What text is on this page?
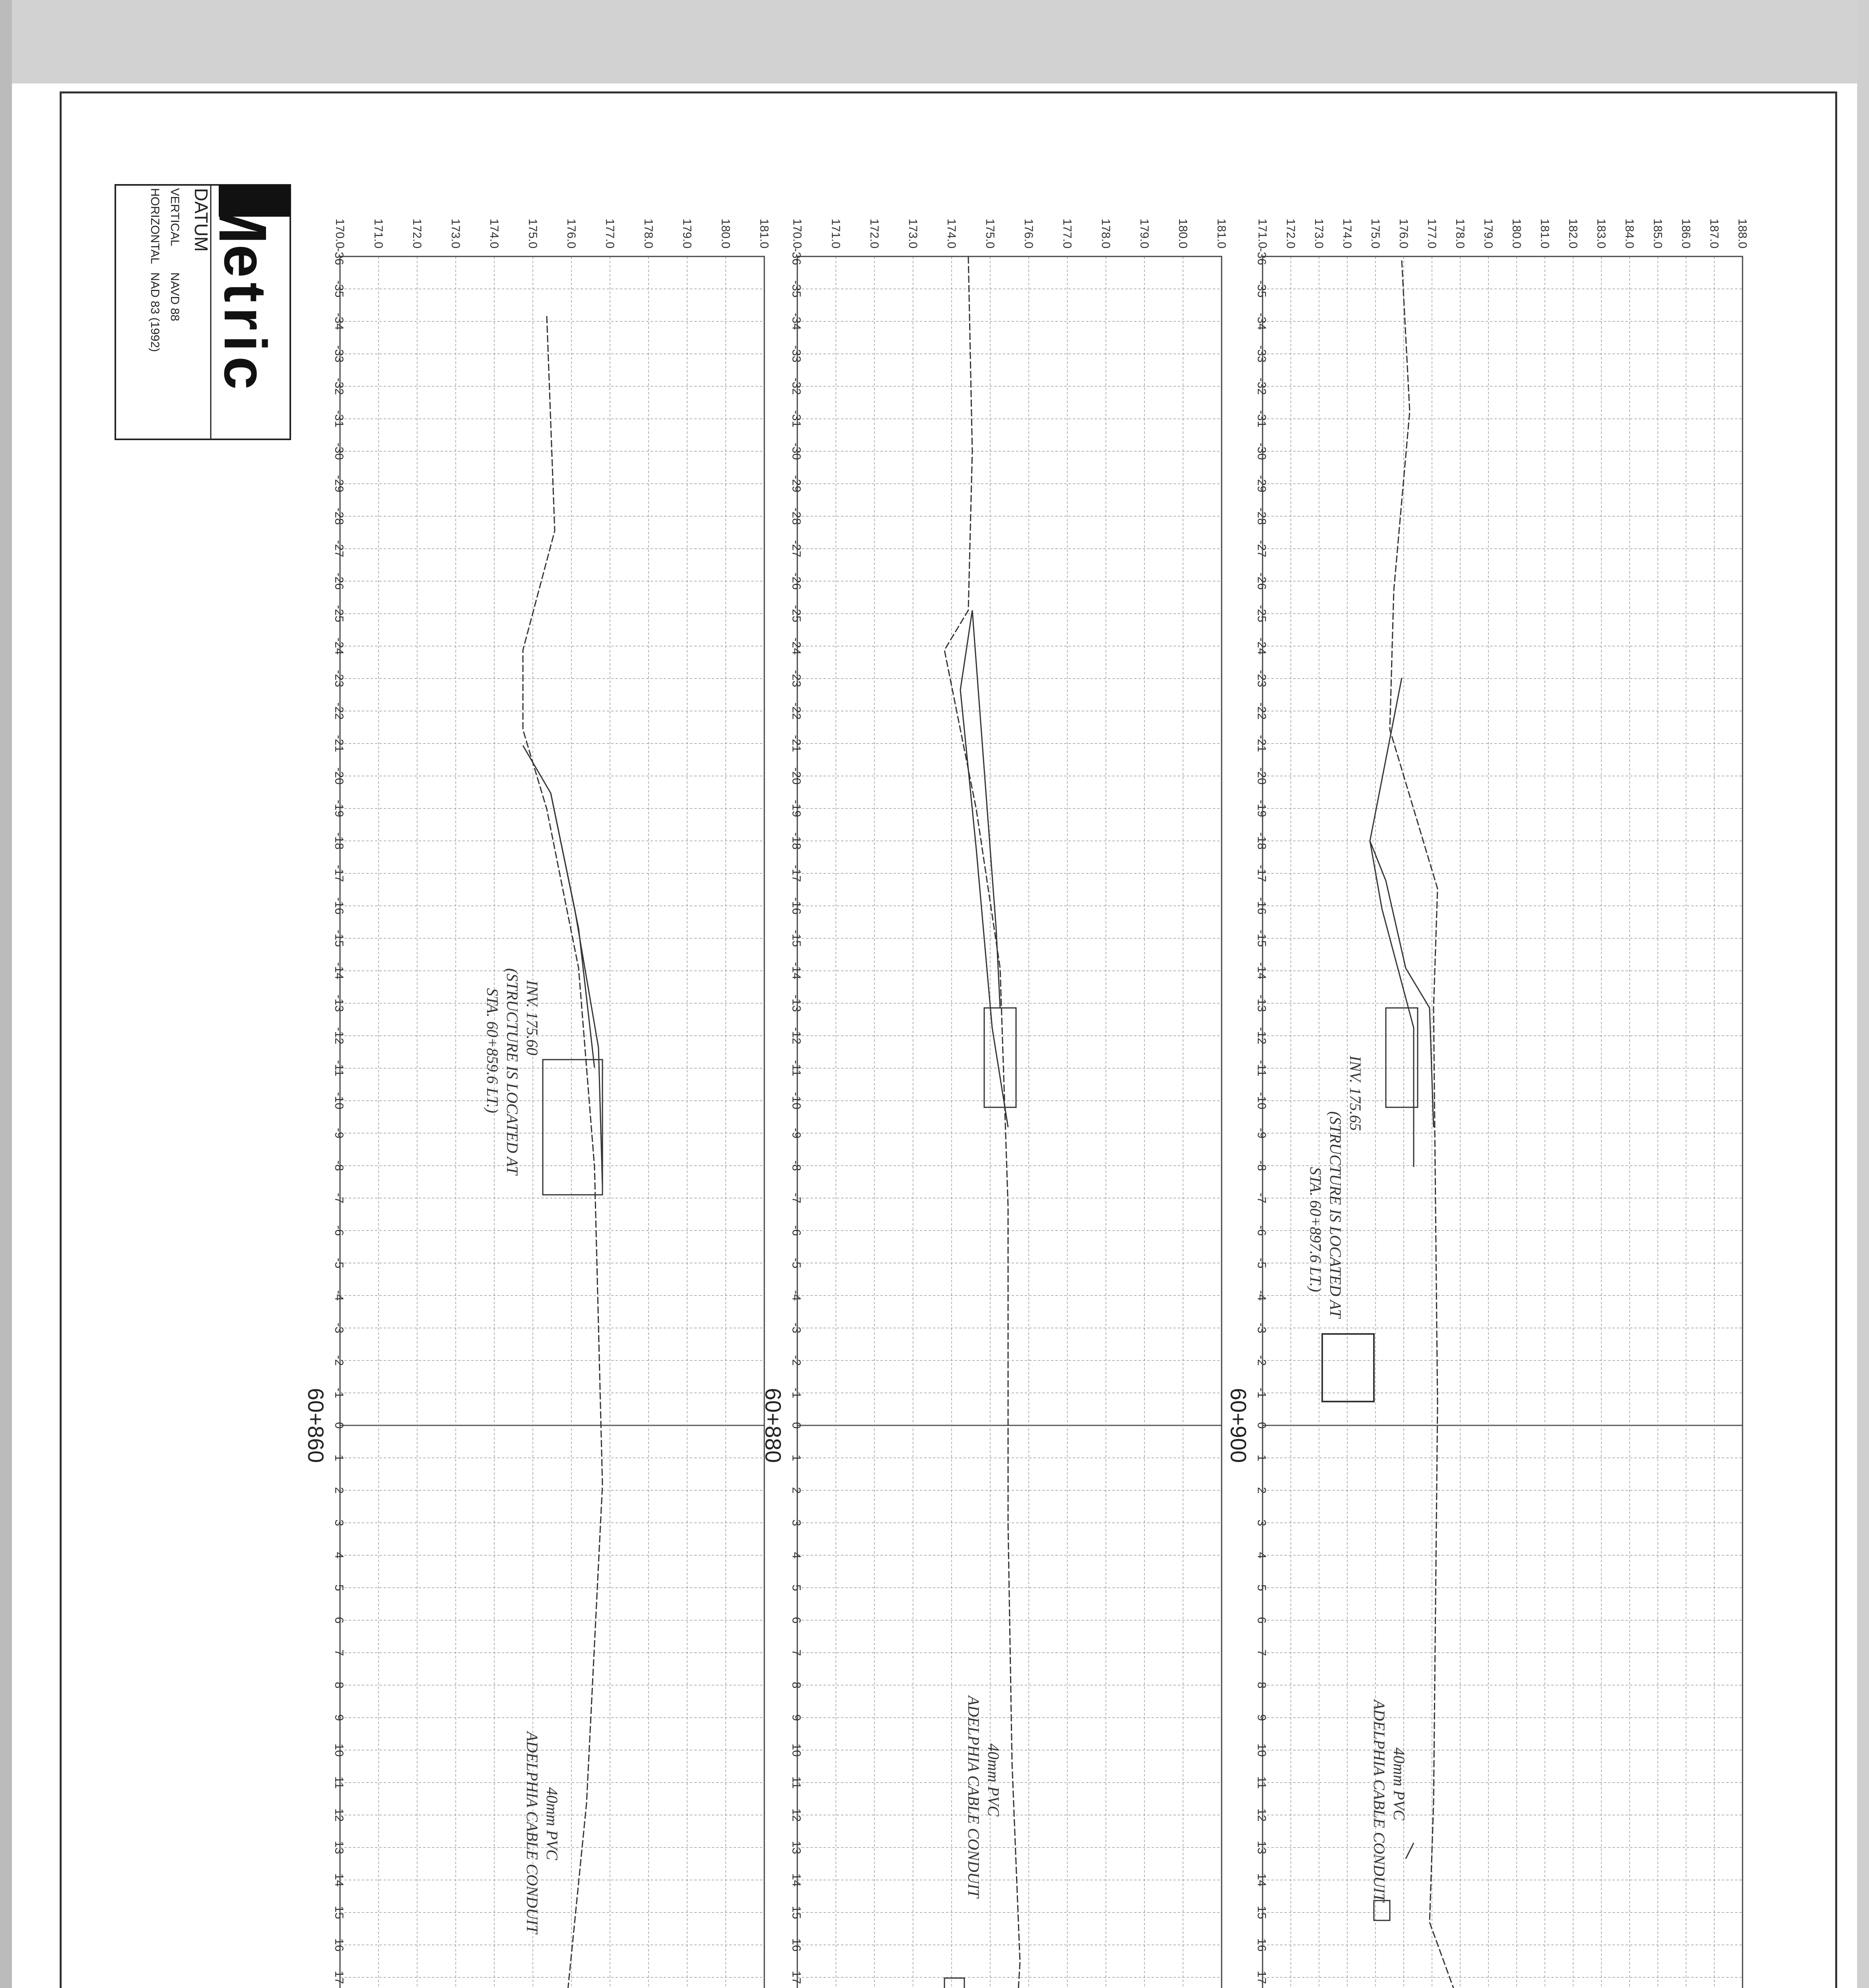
171.0 172.0 173.0 174.0 175.0 176.0 177.0 178.0 179.0 180.0 181.0 182.0 183.0 184.0 185.0 186.0 187.0 188.0
-36
-35
-34
-33
-32
-31
-30
-29
-28
-27
-26
-25
-24
-23
-22
-21
-20
-19
-18
-17
-16
-15
-14
-13
-12
-11
-10
-9
-8
-7
-6
-5
-4
-3
-2
-1
0
1
2
3
4
5
6
7
8
9
10
11
12
13
14
15
16
17
60+900
170.0 171.0 172.0 173.0 174.0 175.0 176.0 177.0 178.0 179.0 180.0 181.0
-36
-35
-34
-33
-32
-31
-30
-29
-28
-27
-26
-25
-24
-23
-22
-21
-20
-19
-18
-17
-16
-15
-14
-13
-12
-11
-10
-9
-8
-7
-6
-5
-4
-3
-2
-1
0
1
2
3
4
5
6
7
8
9
10
11
12
13
14
15
16
17
60+880
170.0 171.0 172.0 173.0 174.0 175.0 176.0 177.0 178.0 179.0 180.0 181.0
-36
-35
-34
-33
-32
-31
-30
-29
-28
-27
-26
-25
-24
-23
-22
-21
-20
-19
-18
-17
-16
-15
-14
-13
-12
-11
-10
-9
-8
-7
-6
-5
-4
-3
-2
-1
0
1
2
3
4
5
6
7
8
9
10
11
12
13
14
15
16
17
60+860
M
etric
DATUM
VERTICAL
NAVD 88
HORIZONTAL
NAD 83 (1992)
INV. 175.65
(STRUCTURE IS LOCATED AT
STA. 60+897.6 LT.)
40mm PVC
ADELPHIA CABLE CONDUIT
40mm PVC
ADELPHIA CABLE CONDUIT
INV. 175.60
(STRUCTURE IS LOCATED AT
STA. 60+859.6 LT.)
40mm PVC
ADELPHIA CABLE CONDUIT
